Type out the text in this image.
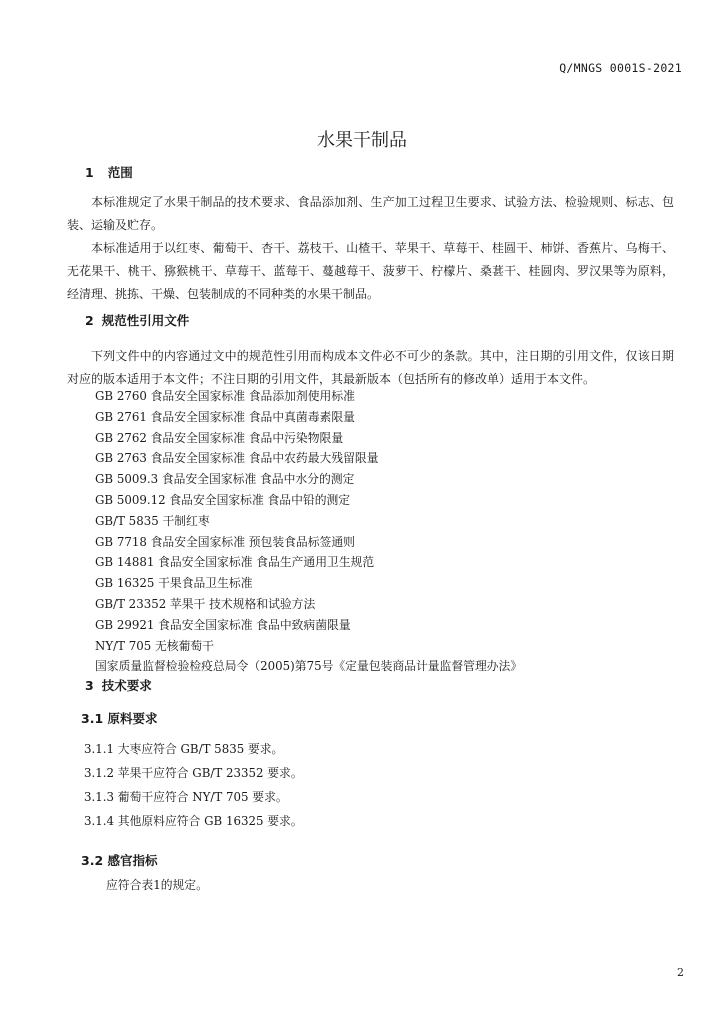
Q/MNGS 0001S-2021
水果干制品
1 范围
本标准规定了水果干制品的技术要求、食品添加剂、生产加工过程卫生要求、试验方法、检验规则、标志、包装、运输及贮存。
本标准适用于以红枣、葡萄干、杏干、荔枝干、山楂干、苹果干、草莓干、桂圆干、柿饼、香蕉片、乌梅干、无花果干、桃干、猕猴桃干、草莓干、蓝莓干、蔓越莓干、菠萝干、柠檬片、桑葚干、桂圆肉、罗汉果等为原料，经清理、挑拣、干燥、包装制成的不同种类的水果干制品。
2 规范性引用文件
下列文件中的内容通过文中的规范性引用而构成本文件必不可少的条款。其中，注日期的引用文件，仅该日期对应的版本适用于本文件；不注日期的引用文件，其最新版本（包括所有的修改单）适用于本文件。
GB 2760 食品安全国家标准 食品添加剂使用标准
GB 2761 食品安全国家标准 食品中真菌毒素限量
GB 2762 食品安全国家标准 食品中污染物限量
GB 2763 食品安全国家标准 食品中农药最大残留限量
GB 5009.3 食品安全国家标准 食品中水分的测定
GB 5009.12 食品安全国家标准 食品中铅的测定
GB/T 5835 干制红枣
GB 7718 食品安全国家标准 预包装食品标签通则
GB 14881 食品安全国家标准 食品生产通用卫生规范
GB 16325 干果食品卫生标准
GB/T 23352 苹果干 技术规格和试验方法
GB 29921 食品安全国家标准 食品中致病菌限量
NY/T 705 无核葡萄干
国家质量监督检验检疫总局令（2005)第75号《定量包装商品计量监督管理办法》
3 技术要求
3.1 原料要求
3.1.1 大枣应符合 GB/T 5835 要求。
3.1.2 苹果干应符合 GB/T 23352 要求。
3.1.3 葡萄干应符合 NY/T 705 要求。
3.1.4 其他原料应符合 GB 16325 要求。
3.2 感官指标
应符合表1的规定。
2
